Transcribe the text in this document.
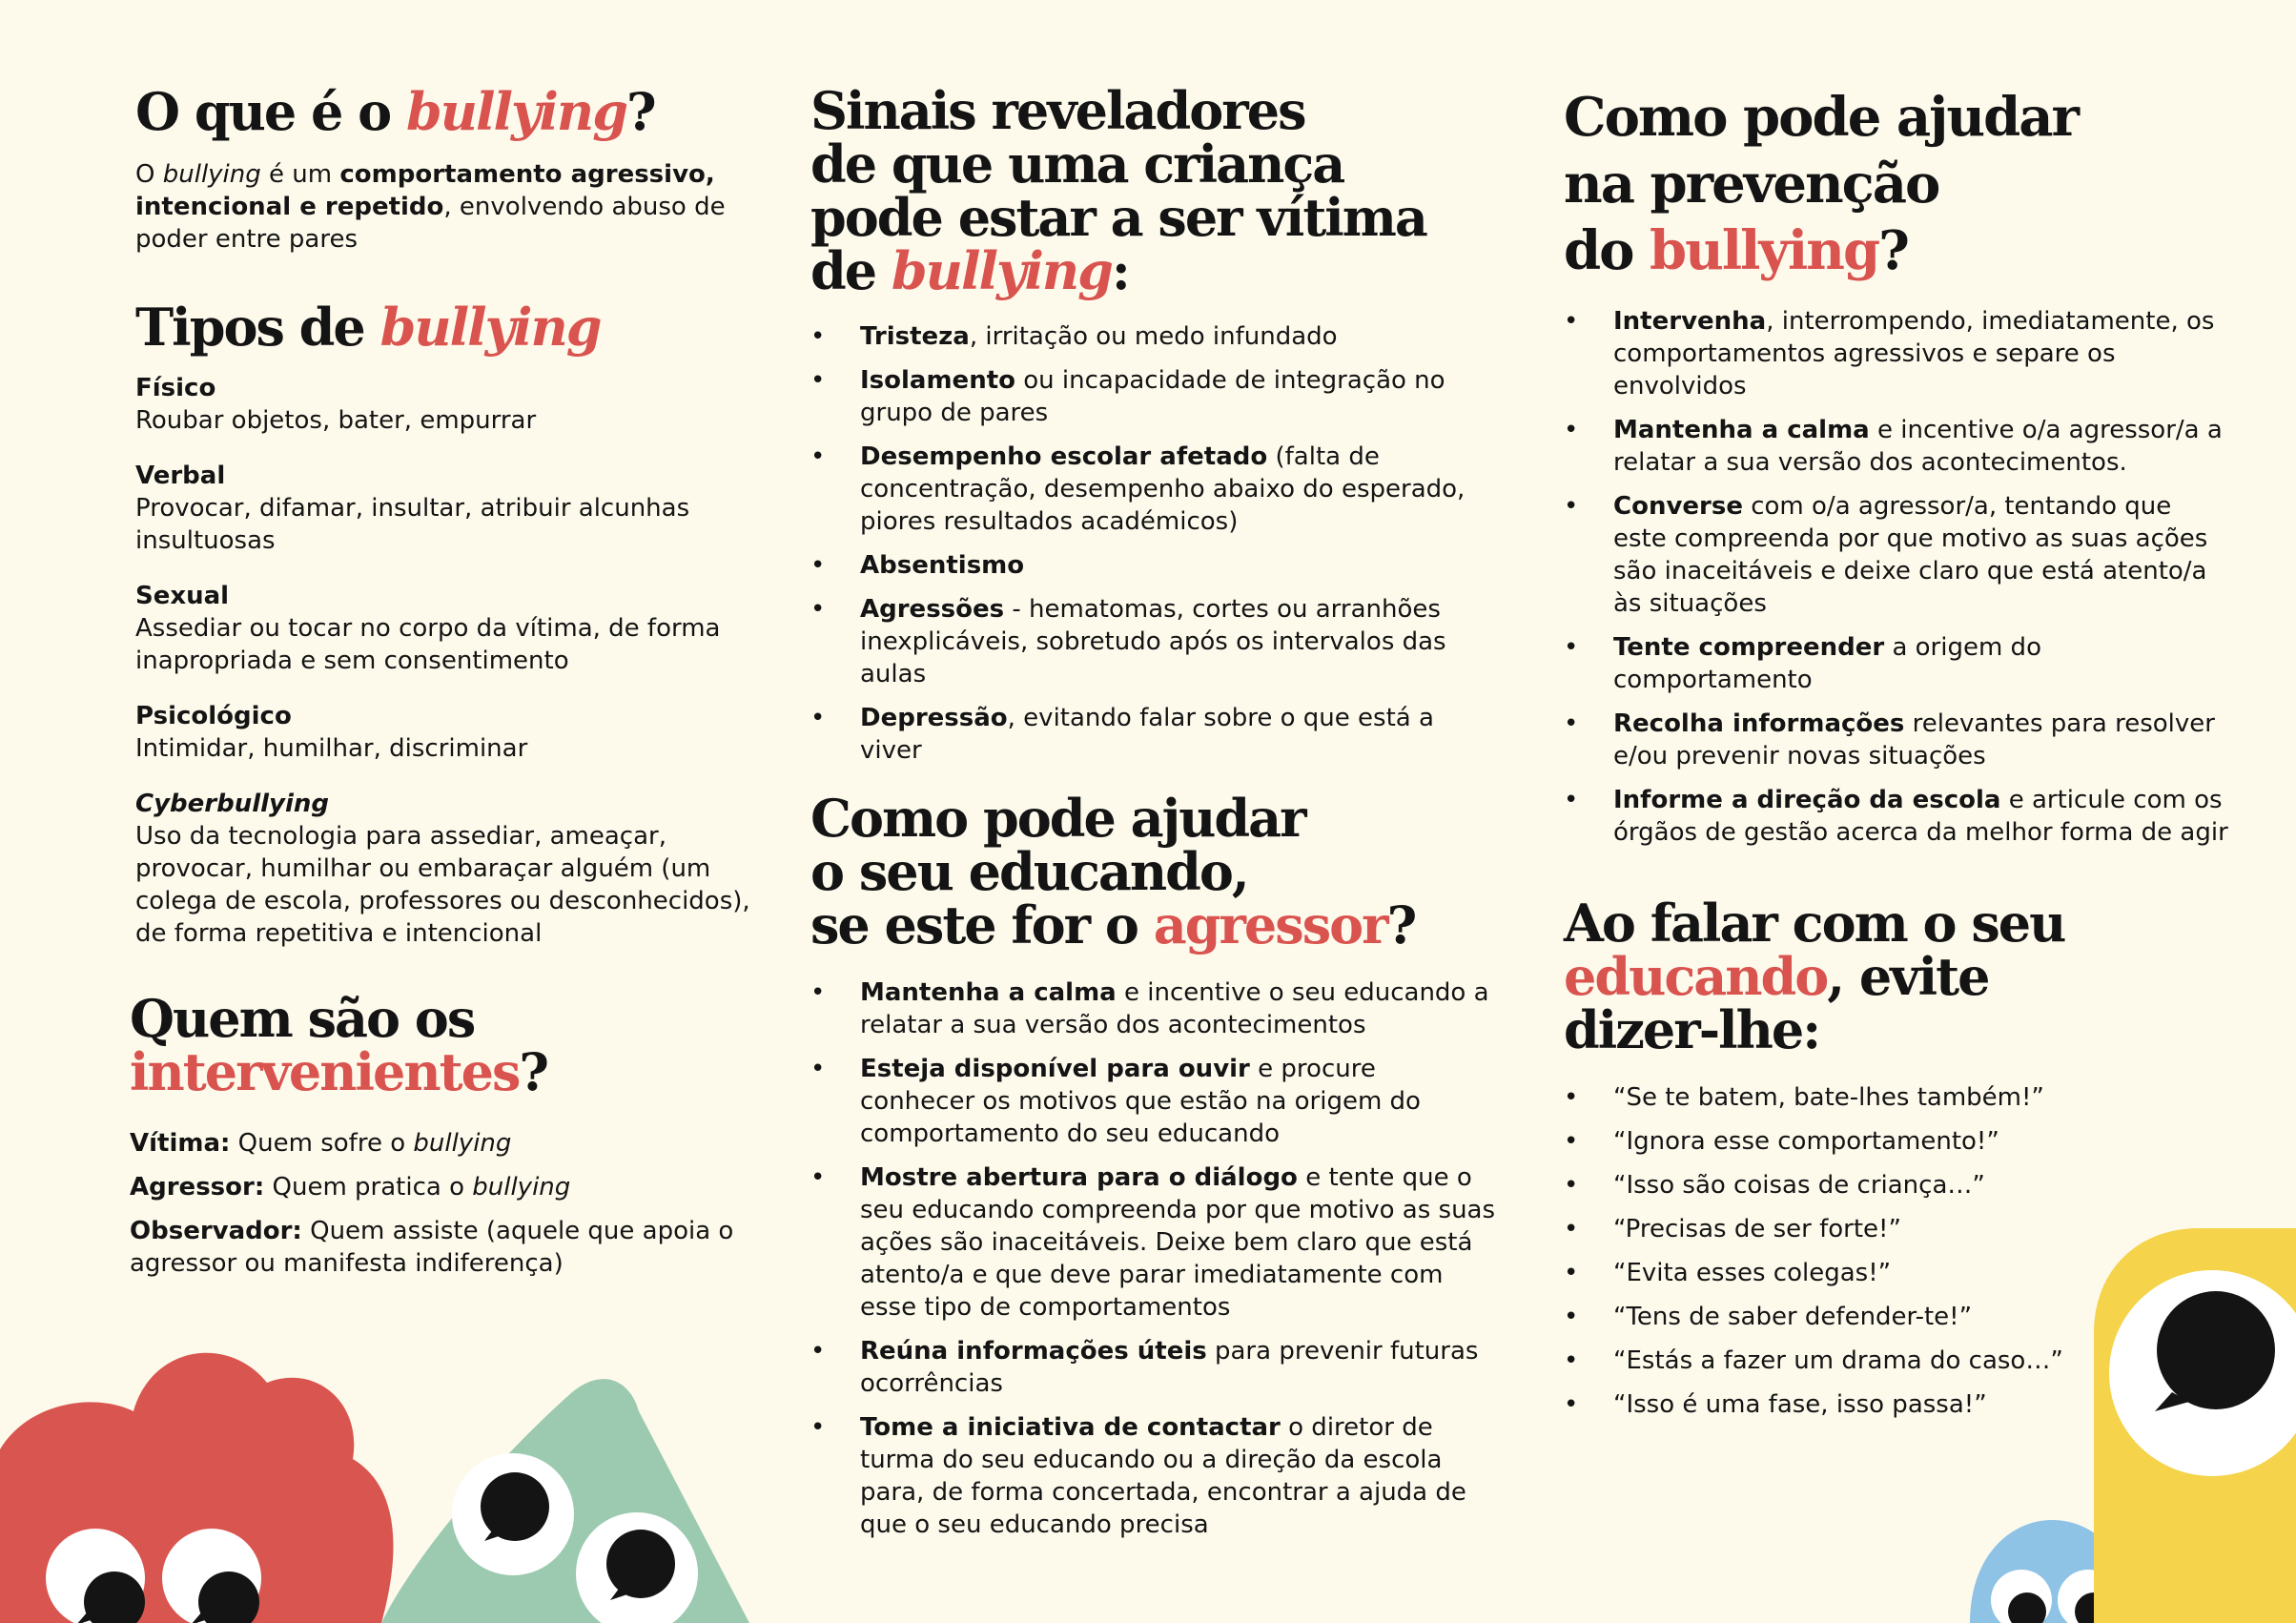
O que é o bullying?

O bullying é um comportamento agressivo, intencional e repetido, envolvendo abuso de poder entre pares

Tipos de bullying
Físico
Roubar objetos, bater, empurrar
Verbal
Provocar, difamar, insultar, atribuir alcunhas insultuosas
Sexual
Assediar ou tocar no corpo da vítima, de forma inapropriada e sem consentimento
Psicológico
Intimidar, humilhar, discriminar
Cyberbullying
Uso da tecnologia para assediar, ameaçar, provocar, humilhar ou embaraçar alguém (um colega de escola, professores ou desconhecidos), de forma repetitiva e intencional
Quem são os
intervenientes?
Vítima: Quem sofre o bullying
Agressor: Quem pratica o bullying
Observador: Quem assiste (aquele que apoia o agressor ou manifesta indiferença)
Sinais reveladores
de que uma criança
pode estar a ser vítima
de bullying:
• Tristeza, irritação ou medo infundado
• Isolamento ou incapacidade de integração no grupo de pares
• Desempenho escolar afetado (falta de concentração, desempenho abaixo do esperado, piores resultados académicos)
• Absentismo
• Agressões - hematomas, cortes ou arranhões inexplicáveis, sobretudo após os intervalos das aulas
• Depressão, evitando falar sobre o que está a viver
Como pode ajudar
o seu educando,
se este for o agressor?
• Mantenha a calma e incentive o seu educando a relatar a sua versão dos acontecimentos
• Esteja disponível para ouvir e procure conhecer os motivos que estão na origem do comportamento do seu educando
• Mostre abertura para o diálogo e tente que o seu educando compreenda por que motivo as suas ações são inaceitáveis. Deixe bem claro que está atento/a e que deve parar imediatamente com esse tipo de comportamentos
• Reúna informações úteis para prevenir futuras ocorrências
• Tome a iniciativa de contactar o diretor de turma do seu educando ou a direção da escola para, de forma concertada, encontrar a ajuda de que o seu educando precisa
Como pode ajudar
na prevenção
do bullying?
• Intervenha, interrompendo, imediatamente, os comportamentos agressivos e separe os envolvidos
• Mantenha a calma e incentive o/a agressor/a a relatar a sua versão dos acontecimentos.
• Converse com o/a agressor/a, tentando que este compreenda por que motivo as suas ações são inaceitáveis e deixe claro que está atento/a às situações
• Tente compreender a origem do comportamento
• Recolha informações relevantes para resolver e/ou prevenir novas situações
• Informe a direção da escola e articule com os órgãos de gestão acerca da melhor forma de agir
Ao falar com o seu
educando, evite
dizer-lhe:
• “Se te batem, bate-lhes também!”
• “Ignora esse comportamento!”
• “Isso são coisas de criança…”
• “Precisas de ser forte!”
• “Evita esses colegas!”
• “Tens de saber defender-te!”
• “Estás a fazer um drama do caso…”
• “Isso é uma fase, isso passa!”
